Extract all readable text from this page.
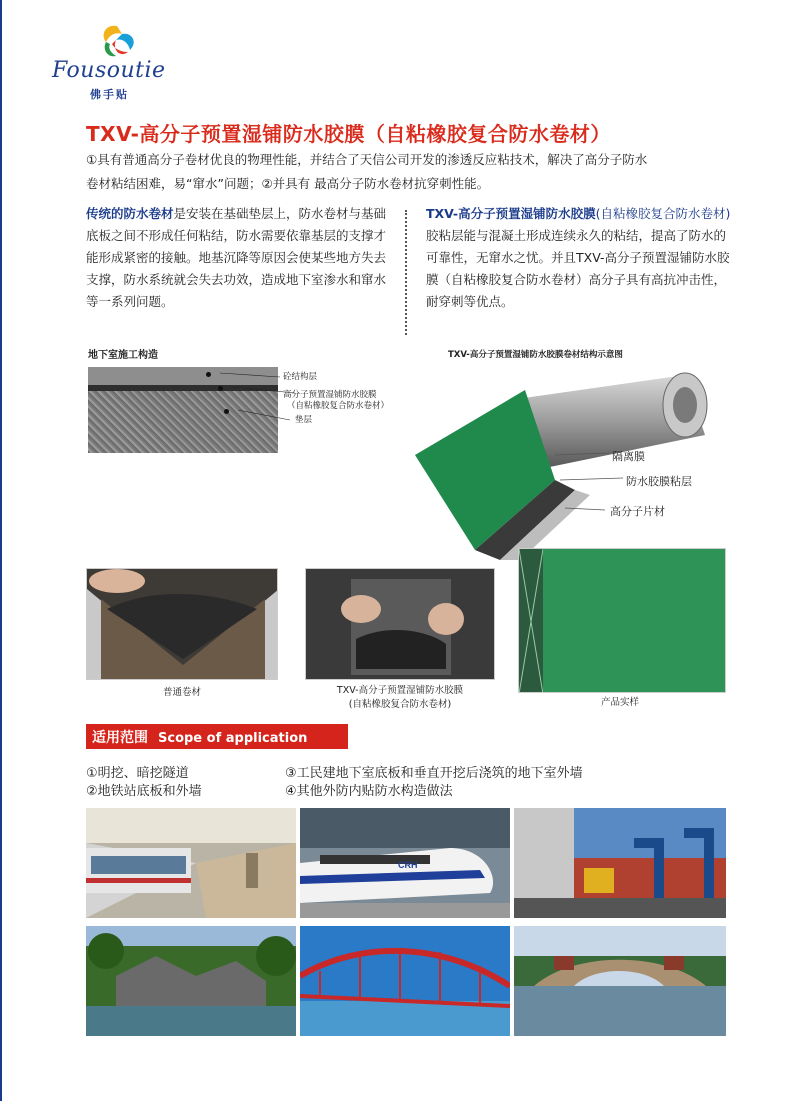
Fousoutie
佛手贴
TXV-高分子预置湿铺防水胶膜（自粘橡胶复合防水卷材）
①具有普通高分子卷材优良的物理性能，并结合了天信公司开发的渗透反应粘技术，解决了高分子防水
卷材粘结困难，易“窜水”问题；②并具有 最高分子防水卷材抗穿刺性能。
传统的防水卷材是安装在基础垫层上，防水卷材与基础底板之间不形成任何粘结，防水需要依靠基层的支撑才能形成紧密的接触。地基沉降等原因会使某些地方失去支撑，防水系统就会失去功效，造成地下室渗水和窜水等一系列问题。
TXV-高分子预置湿铺防水胶膜(自粘橡胶复合防水卷材) 胶粘层能与混凝土形成连续永久的粘结，提高了防水的可靠性，无窜水之忧。并且TXV-高分子预置湿铺防水胶膜（自粘橡胶复合防水卷材）高分子具有高抗冲击性，耐穿刺等优点。
地下室施工构造
砼结构层
高分子预置湿铺防水胶膜
（自粘橡胶复合防水卷材）
垫层
TXV-高分子预置湿铺防水胶膜卷材结构示意图
隔离膜
防水胶膜粘层
高分子片材
普通卷材	TXV-高分子预置湿铺防水胶膜
(自粘橡胶复合防水卷材)	产品实样
适用范围 Scope of application
①明挖、暗挖隧道
②地铁站底板和外墙
③工民建地下室底板和垂直开挖后浇筑的地下室外墙
④其他外防内贴防水构造做法
CRH
